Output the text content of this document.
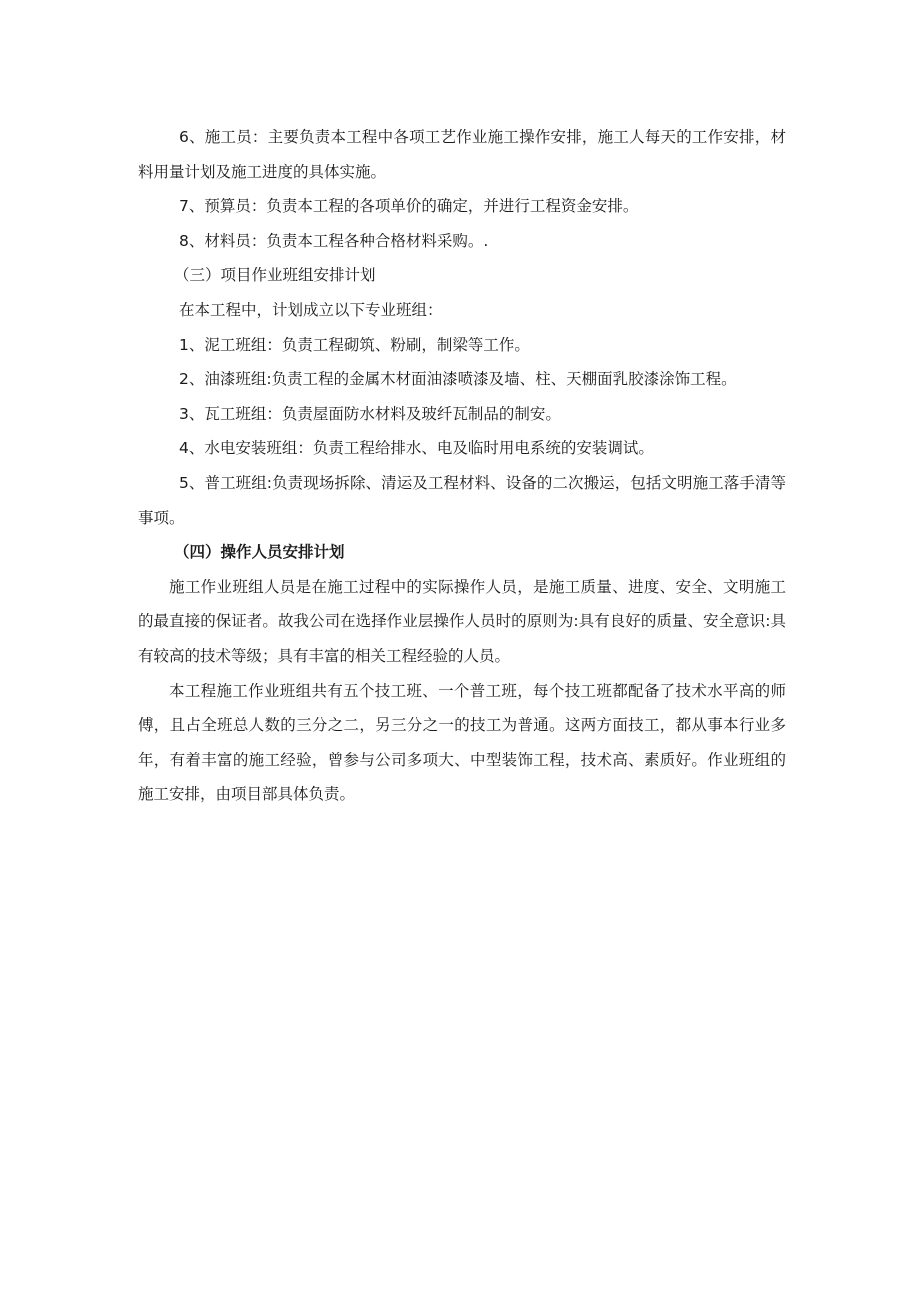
6、施工员：主要负责本工程中各项工艺作业施工操作安排，施工人每天的工作安排，材料用量计划及施工进度的具体实施。

7、预算员：负责本工程的各项单价的确定，并进行工程资金安排。

8、材料员：负责本工程各种合格材料采购。.

（三）项目作业班组安排计划

在本工程中，计划成立以下专业班组：

1、泥工班组：负责工程砌筑、粉刷，制梁等工作。

2、油漆班组:负责工程的金属木材面油漆喷漆及墙、柱、天棚面乳胶漆涂饰工程。

3、瓦工班组：负责屋面防水材料及玻纤瓦制品的制安。

4、水电安装班组：负责工程给排水、电及临时用电系统的安装调试。

5、普工班组:负责现场拆除、清运及工程材料、设备的二次搬运，包括文明施工落手清等事项。

（四）操作人员安排计划

施工作业班组人员是在施工过程中的实际操作人员，是施工质量、进度、安全、文明施工的最直接的保证者。故我公司在选择作业层操作人员时的原则为:具有良好的质量、安全意识:具有较高的技术等级；具有丰富的相关工程经验的人员。

本工程施工作业班组共有五个技工班、一个普工班，每个技工班都配备了技术水平高的师傅，且占全班总人数的三分之二，另三分之一的技工为普通。这两方面技工，都从事本行业多年，有着丰富的施工经验，曾参与公司多项大、中型装饰工程，技术高、素质好。作业班组的施工安排，由项目部具体负责。
